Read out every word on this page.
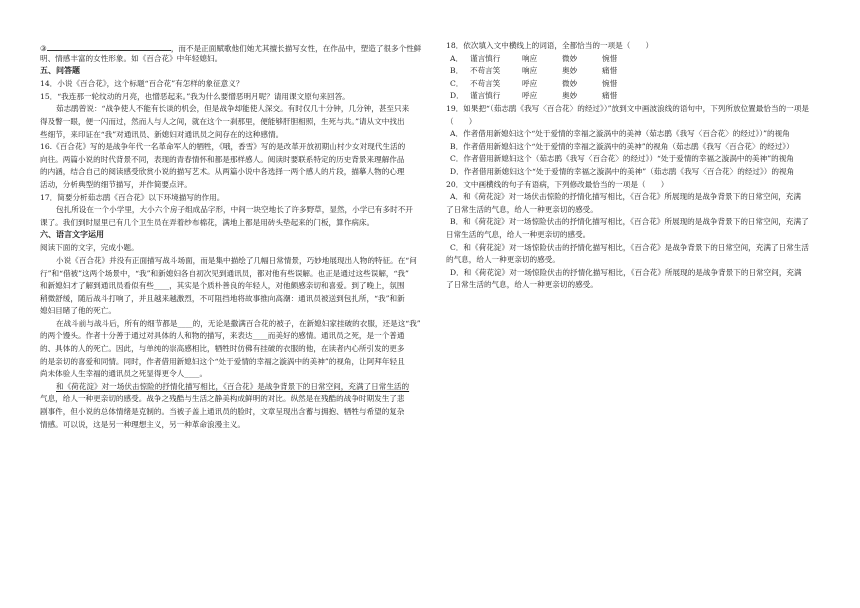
③	，而不是正面赋歌他们她尤其擅长描写女性，在作品中，塑造了很多个性鲜
明、情感丰富的女性形象。如《百合花》中年轻媳妇。
五、问答题
14．小说《百合花》，这个标题“百合花”有怎样的象征意义？
15．“我连那一轮纹动的月亮，也憎恶起来。”我为什么要憎恶明月呢？请用课文原句来回答。
茹志鹃曾说：“战争使人不能有长谈的机会，但是战争却能使人深交。有时仅几十分钟，几分钟，甚至只来
得及瞥一眼，便一闪而过，然而人与人之间，就在这个一刹那里，便能够肝胆相照，生死与共。”请从文中找出
些细节，来印证在“我”对通讯员、新媳妇对通讯员之间存在的这种感情。
16.《百合花》写的是战争年代一名革命军人的牺牲，《哦，香雪》写的是改革开放初期山村少女对现代生活的
向往。两篇小说的时代背景不同，表现的青春情怀和都是那样感人。阅读时要联系特定的历史背景来理解作品
的内涵，结合自己的阅读感受欣赏小说的描写艺术。从两篇小说中各选择一两个感人的片段，描摹人物的心理
活动，分析典型的细节描写，并作简要点评。
17．简要分析茹志鹃《百合花》以下环境描写的作用。
包扎所设在一个小学里，大小六个房子组成品字形，中间一块空地长了许多野草，显然，小学已有多时不开
课了。我们到时屋里已有几个卫生员在弄着纱布棉花，满地上都是用砖头垫起来的门板，算作病床。
六、语言文字运用
阅读下面的文字，完成小题。
小说《百合花》并没有正面描写战斗场面，而是集中描绘了几幅日常情景，巧妙地展现出人物的特征。在“问
行”和“借被”这两个场景中，“我”和新媳妇各自初次见到通讯员，都对他有些误解。也正是通过这些误解，“我”
和新媳妇才了解到通讯员看似有些____，其实是个质朴善良的年轻人，对他颇感亲切和喜爱。到了晚上，氛围
稍微舒缓，随后战斗打响了，并且越来越激烈，不可阻挡地将故事推向高潮：通讯员被送到包扎所，“我”和新
媳妇目睹了他的死亡。
在战斗前与战斗后，所有的细节都是____的，无论是撒满百合花的被子，在新媳妇家挂破的衣服，还是这“我”
的两个馒头。作者十分善于通过对具体的人和物的描写，来表达____而美好的感情。通讯员之死，是一个普通
的、具体的人的死亡。因此，与单纯的崇高感相比，牺牲时仿佛有挂破的衣服的他，在读者内心所引发的更多
的是亲切的喜爱和同情。同时，作者借用新媳妇这个“处于爱情的幸福之漩涡中的美神”的视角，让阿拜年轻且
尚未体验人生幸福的通讯员之死显得更令人____。
和《荷花淀》对一场伏击惊险的抒情化描写相比，《百合花》是战争背景下的日常空间，充满了日常生活的
气息，给人一种更亲切的感受。战争之残酷与生活之静美构成鲜明的对比。纵然是在残酷的战争时期发生了悲
剧事件，但小说的总体情绪是克制的。当被子盖上通讯员的脸时，文章呈现出含蓄与拥抱、牺牲与希望的复杂
情感。可以说，这是另一种理想主义，另一种革命浪漫主义。
18．依次填入文中横线上的词语，全都恰当的一项是（　　）
A． 谨言慎行	响应	微妙	惋惜
B． 不苟言笑	响应	奥妙	痛惜
C． 不苟言笑	呼应	微妙	惋惜
D． 谨言慎行	呼应	奥妙	痛惜
19．如果把“（茹志鹃《我写〈百合花〉的经过》）”放到文中画波浪线的语句中，下列所放位置最恰当的一项是
（　　）
A．作者借用新媳妇这个“处于爱情的幸福之漩涡中的美神（茹志鹃《我写〈百合花〉的经过》）”的视角
B．作者借用新媳妇这个“处于爱情的幸福之漩涡中的美神”的视角（茹志鹃《我写〈百合花〉的经过》）
C．作者借用新媳妇这个（茹志鹃《我写〈百合花〉的经过》）“处于爱情的幸福之漩涡中的美神”的视角
D．作者借用新媳妇这个“处于爱情的幸福之漩涡中的美神”（茹志鹃《我写〈百合花〉的经过》）的视角
20．文中画横线的句子有语病，下列修改最恰当的一项是（　　）
A．和《荷花淀》对一场伏击惊险的抒情化描写相比，《百合花》所展现的是战争背景下的日常空间，充满
了日常生活的气息，给人一种更亲切的感受。
B．和《荷花淀》对一场惊险伏击的抒情化描写相比，《百合花》所展现的是战争背景下的日常空间，充满了
日常生活的气息，给人一种更亲切的感受。
C．和《荷花淀》对一场惊险伏击的抒情化描写相比，《百合花》是战争背景下的日常空间，充满了日常生活
的气息，给人一种更亲切的感受。
D．和《荷花淀》对一场惊险伏击的抒情化描写相比，《百合花》所展现的是战争背景下的日常空间，充满
了日常生活的气息，给人一种更亲切的感受。
